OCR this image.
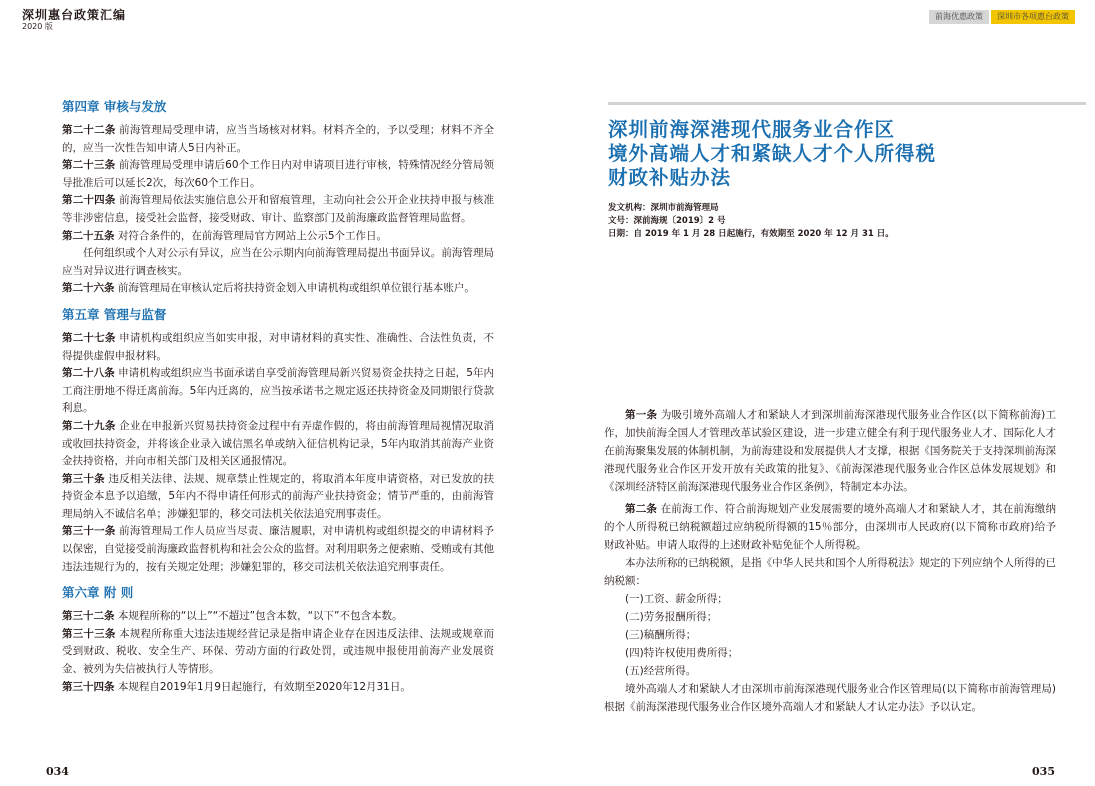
深圳惠台政策汇编
2020 版
第四章 审核与发放

第二十二条 前海管理局受理申请，应当当场核对材料。材料齐全的，予以受理；材料不齐全的，应当一次性告知申请人5日内补正。

第二十三条 前海管理局受理申请后60个工作日内对申请项目进行审核，特殊情况经分管局领导批准后可以延长2次，每次60个工作日。

第二十四条 前海管理局依法实施信息公开和留痕管理，主动向社会公开企业扶持申报与核准等非涉密信息，接受社会监督，接受财政、审计、监察部门及前海廉政监督管理局监督。

第二十五条 对符合条件的，在前海管理局官方网站上公示5个工作日。

任何组织或个人对公示有异议，应当在公示期内向前海管理局提出书面异议。前海管理局应当对异议进行调查核实。

第二十六条 前海管理局在审核认定后将扶持资金划入申请机构或组织单位银行基本账户。

第五章 管理与监督

第二十七条 申请机构或组织应当如实申报，对申请材料的真实性、准确性、合法性负责，不得提供虚假申报材料。

第二十八条 申请机构或组织应当书面承诺自享受前海管理局新兴贸易资金扶持之日起，5年内工商注册地不得迁离前海。5年内迁离的，应当按承诺书之规定返还扶持资金及同期银行贷款利息。

第二十九条 企业在申报新兴贸易扶持资金过程中有弄虚作假的，将由前海管理局视情况取消或收回扶持资金，并将该企业录入诚信黑名单或纳入征信机构记录，5年内取消其前海产业资金扶持资格，并向市相关部门及相关区通报情况。

第三十条 违反相关法律、法规、规章禁止性规定的，将取消本年度申请资格，对已发放的扶持资金本息予以追缴，5年内不得申请任何形式的前海产业扶持资金；情节严重的，由前海管理局纳入不诚信名单；涉嫌犯罪的，移交司法机关依法追究刑事责任。

第三十一条 前海管理局工作人员应当尽责、廉洁履职，对申请机构或组织提交的申请材料予以保密，自觉接受前海廉政监督机构和社会公众的监督。对利用职务之便索贿、受贿或有其他违法违规行为的，按有关规定处理；涉嫌犯罪的，移交司法机关依法追究刑事责任。

第六章 附 则

第三十二条 本规程所称的“以上”“不超过”包含本数，“以下”不包含本数。

第三十三条 本规程所称重大违法违规经营记录是指申请企业存在因违反法律、法规或规章而受到财政、税收、安全生产、环保、劳动方面的行政处罚，或违规申报使用前海产业发展资金、被列为失信被执行人等情形。

第三十四条 本规程自2019年1月9日起施行，有效期至2020年12月31日。

034
前海优惠政策	深圳市各项惠台政策
深圳前海深港现代服务业合作区
境外高端人才和紧缺人才个人所得税
财政补贴办法
发文机构：深圳市前海管理局
文号：深前海规〔2019〕2 号
日期：自 2019 年 1 月 28 日起施行，有效期至 2020 年 12 月 31 日。

第一条 为吸引境外高端人才和紧缺人才到深圳前海深港现代服务业合作区(以下简称前海)工作，加快前海全国人才管理改革试验区建设，进一步建立健全有利于现代服务业人才、国际化人才在前海聚集发展的体制机制，为前海建设和发展提供人才支撑，根据《国务院关于支持深圳前海深港现代服务业合作区开发开放有关政策的批复》、《前海深港现代服务业合作区总体发展规划》和《深圳经济特区前海深港现代服务业合作区条例》，特制定本办法。

第二条 在前海工作、符合前海规划产业发展需要的境外高端人才和紧缺人才，其在前海缴纳的个人所得税已纳税额超过应纳税所得额的15％部分，由深圳市人民政府(以下简称市政府)给予财政补贴。申请人取得的上述财政补贴免征个人所得税。

本办法所称的已纳税额，是指《中华人民共和国个人所得税法》规定的下列应纳个人所得的已纳税额：

(一)工资、薪金所得；

(二)劳务报酬所得；

(三)稿酬所得；

(四)特许权使用费所得；

(五)经营所得。

境外高端人才和紧缺人才由深圳市前海深港现代服务业合作区管理局(以下简称市前海管理局)根据《前海深港现代服务业合作区境外高端人才和紧缺人才认定办法》予以认定。

035
